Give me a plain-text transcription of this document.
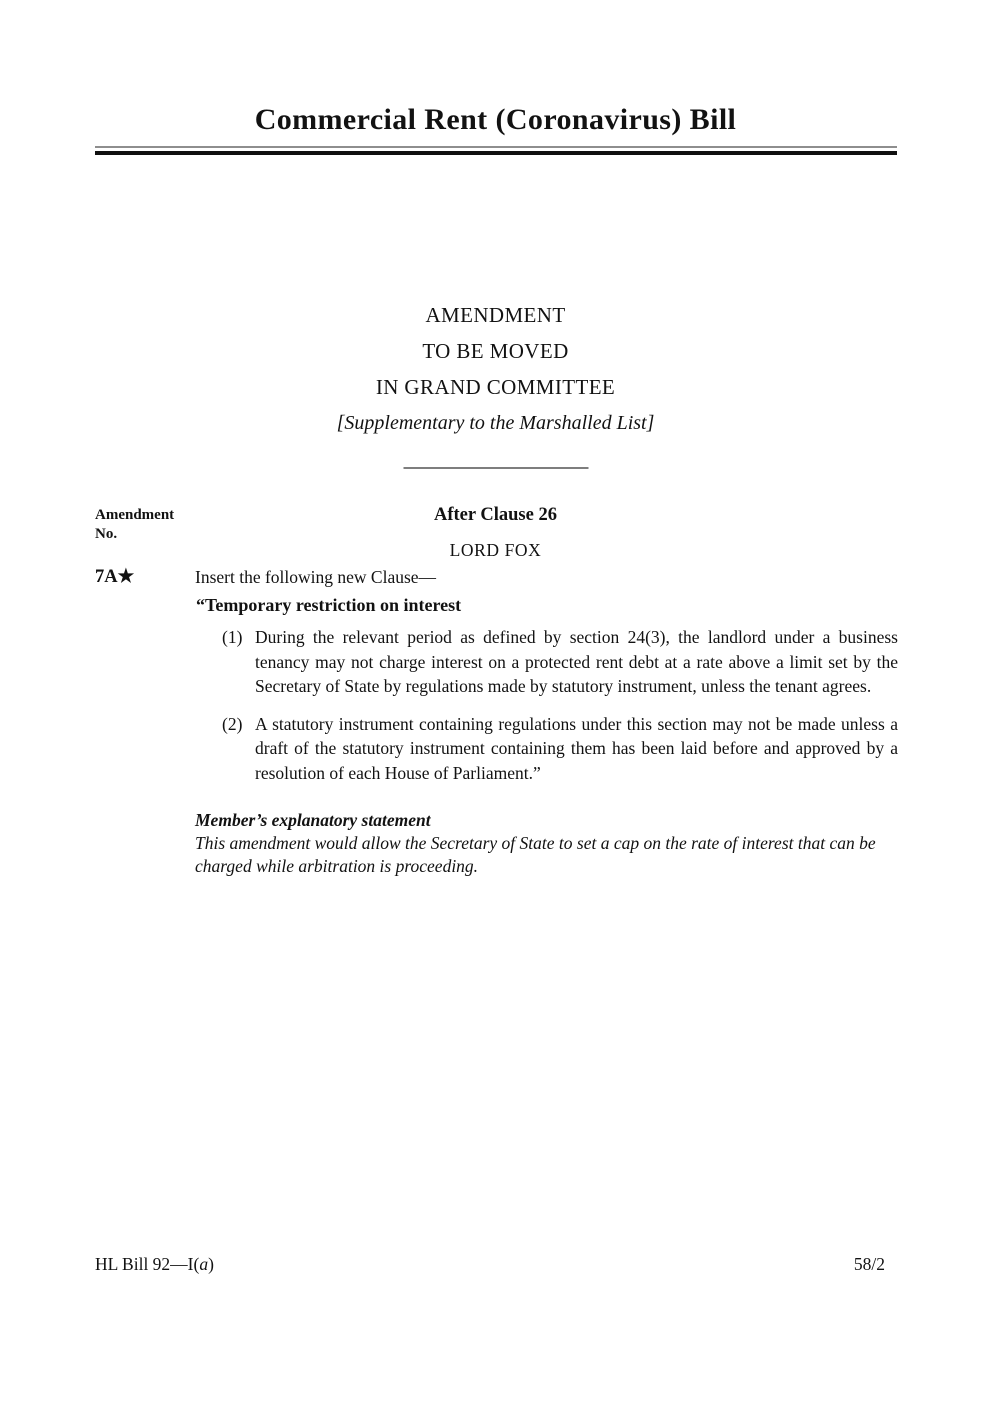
Commercial Rent (Coronavirus) Bill
AMENDMENT
TO BE MOVED
IN GRAND COMMITTEE
[Supplementary to the Marshalled List]
Amendment
No.
After Clause 26
LORD FOX
7A★	Insert the following new Clause—
“Temporary restriction on interest
(1) During the relevant period as defined by section 24(3), the landlord under a business tenancy may not charge interest on a protected rent debt at a rate above a limit set by the Secretary of State by regulations made by statutory instrument, unless the tenant agrees.
(2) A statutory instrument containing regulations under this section may not be made unless a draft of the statutory instrument containing them has been laid before and approved by a resolution of each House of Parliament.”
Member’s explanatory statement
This amendment would allow the Secretary of State to set a cap on the rate of interest that can be charged while arbitration is proceeding.
HL Bill 92—I(a)	58/2
